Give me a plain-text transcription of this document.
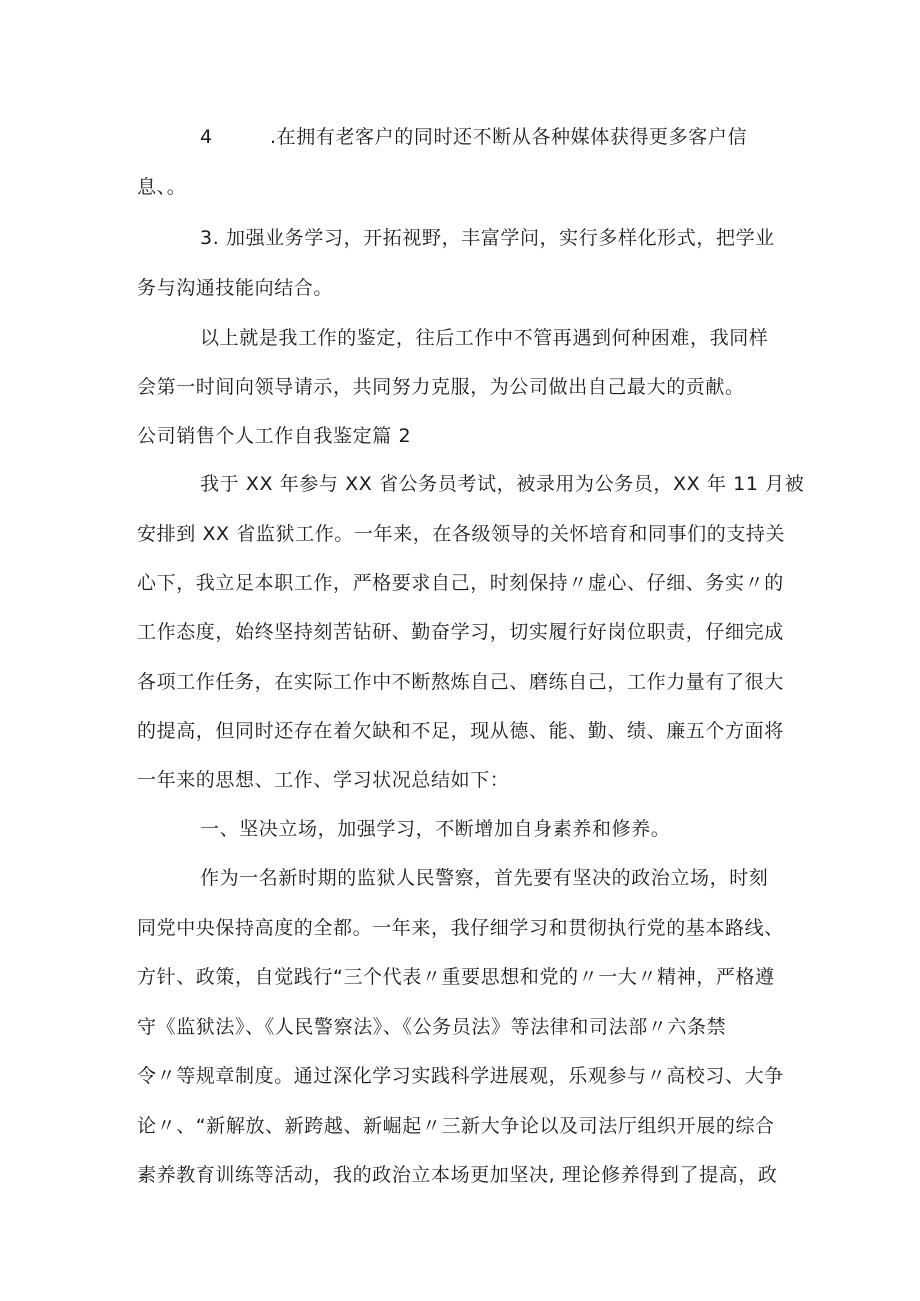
4	.在拥有老客户的同时还不断从各种媒体获得更多客户信
息、。
3. 加强业务学习，开拓视野，丰富学问，实行多样化形式，把学业
务与沟通技能向结合。
以上就是我工作的鉴定，往后工作中不管再遇到何种困难，我同样
会第一时间向领导请示，共同努力克服，为公司做出自己最大的贡献。
公司销售个人工作自我鉴定篇 2
我于 XX 年参与 XX 省公务员考试，被录用为公务员，XX 年 11 月被
安排到 XX 省监狱工作。一年来，在各级领导的关怀培育和同事们的支持关
心下，我立足本职工作，严格要求自己，时刻保持〃虚心、仔细、务实〃的
工作态度，始终坚持刻苦钻研、勤奋学习，切实履行好岗位职责，仔细完成
各项工作任务，在实际工作中不断熬炼自己、磨练自己，工作力量有了很大
的提高，但同时还存在着欠缺和不足，现从德、能、勤、绩、廉五个方面将
一年来的思想、工作、学习状况总结如下：
一、坚决立场，加强学习，不断增加自身素养和修养。
作为一名新时期的监狱人民警察，首先要有坚决的政治立场，时刻
同党中央保持高度的全都。一年来，我仔细学习和贯彻执行党的基本路线、
方针、政策，自觉践行“三个代表〃重要思想和党的〃一大〃精神，严格遵
守《监狱法》、《人民警察法》、《公务员法》等法律和司法部〃六条禁
令〃等规章制度。通过深化学习实践科学进展观，乐观参与〃高校习、大争
论〃、“新解放、新跨越、新崛起〃三新大争论以及司法厅组织开展的综合
素养教育训练等活动，我的政治立本场更加坚决, 理论修养得到了提高，政
